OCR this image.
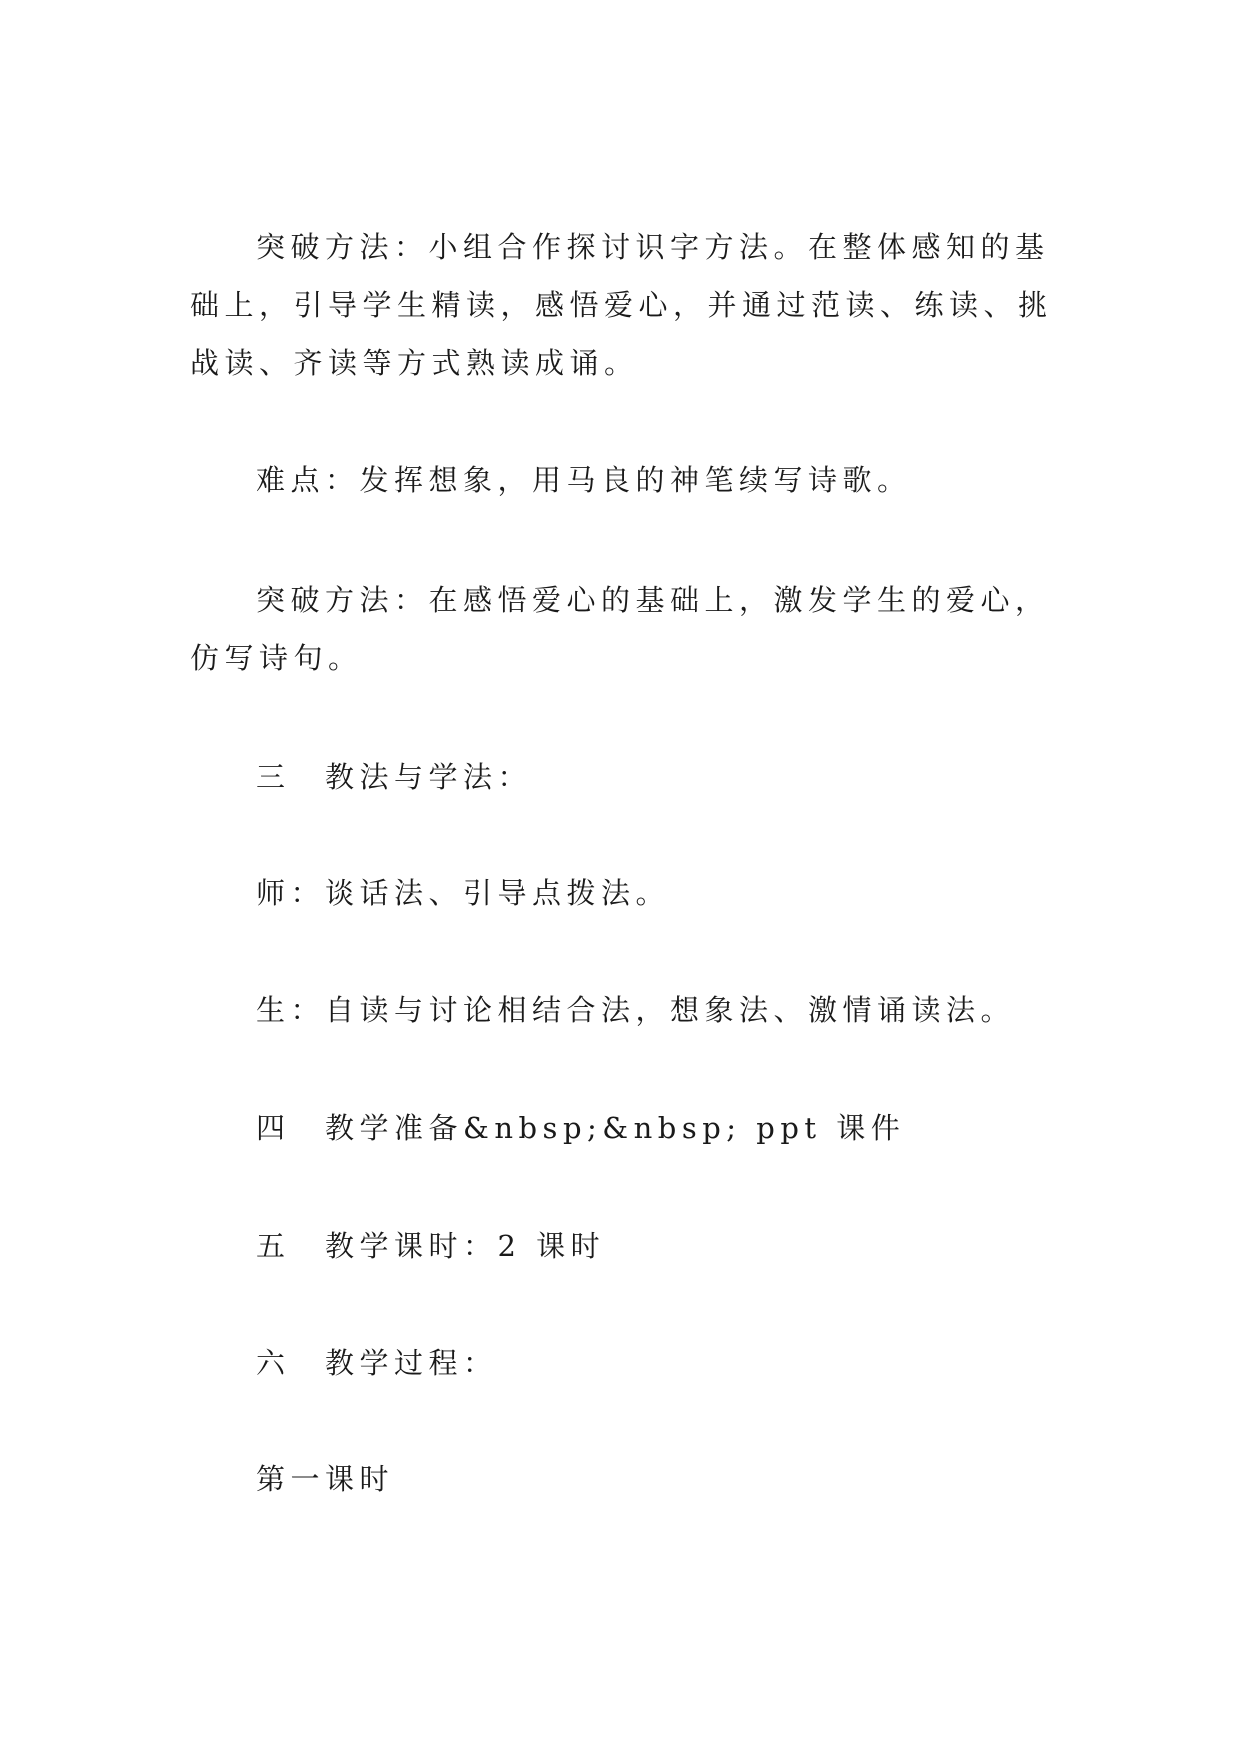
突破方法：小组合作探讨识字方法。在整体感知的基础上，引导学生精读，感悟爱心，并通过范读、练读、挑战读、齐读等方式熟读成诵。

难点：发挥想象，用马良的神笔续写诗歌。

突破方法：在感悟爱心的基础上，激发学生的爱心，仿写诗句。

三　教法与学法：

师：谈话法、引导点拨法。

生：自读与讨论相结合法，想象法、激情诵读法。

四　教学准备&nbsp;&nbsp; ppt 课件

五　教学课时：2 课时

六　教学过程：

第一课时
